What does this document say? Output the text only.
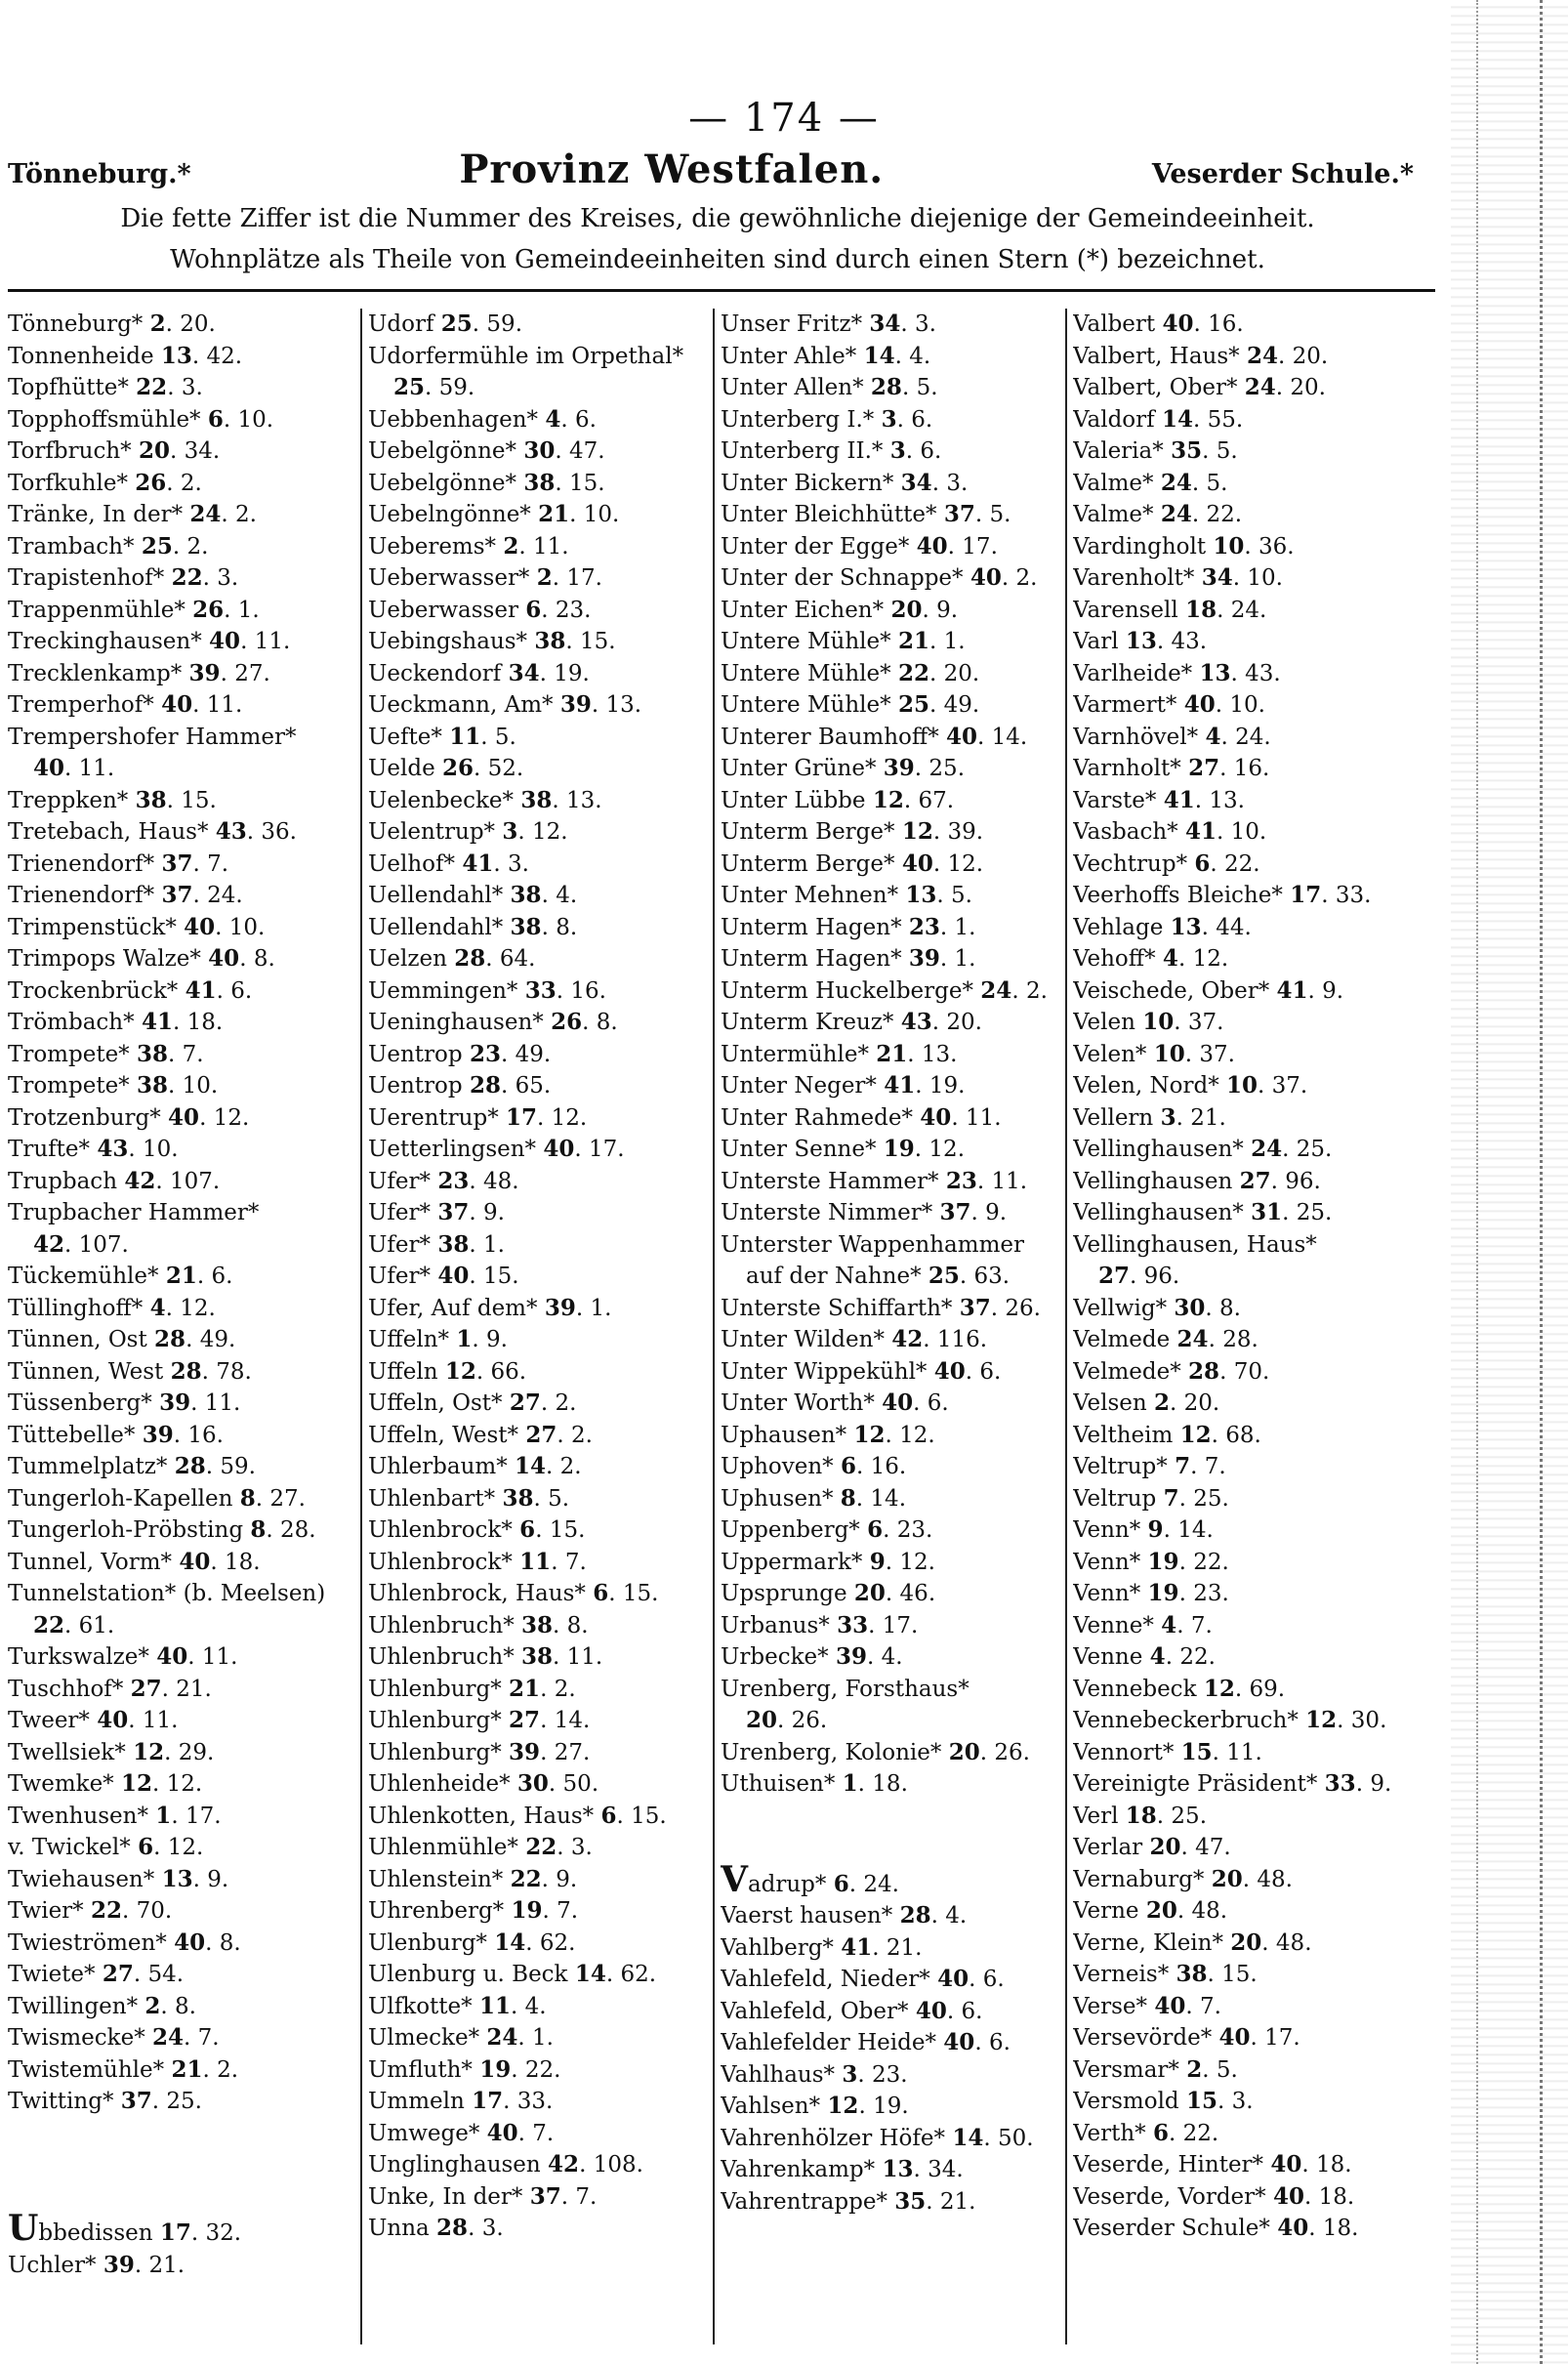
— 174 —
Tönneburg.*	Provinz Westfalen.	Veserder Schule.*
Die fette Ziffer ist die Nummer des Kreises, die gewöhnliche diejenige der Gemeindeeinheit.
Wohnplätze als Theile von Gemeindeeinheiten sind durch einen Stern (*) bezeichnet.
Tönneburg* 2. 20.
Tonnenheide 13. 42.
Topfhütte* 22. 3.
Topphoffsmühle* 6. 10.
Torfbruch* 20. 34.
Torfkuhle* 26. 2.
Tränke, In der* 24. 2.
Trambach* 25. 2.
Trapistenhof* 22. 3.
Trappenmühle* 26. 1.
Treckinghausen* 40. 11.
Trecklenkamp* 39. 27.
Tremperhof* 40. 11.
Trempershofer Hammer*
40. 11.
Treppken* 38. 15.
Tretebach, Haus* 43. 36.
Trienendorf* 37. 7.
Trienendorf* 37. 24.
Trimpenstück* 40. 10.
Trimpops Walze* 40. 8.
Trockenbrück* 41. 6.
Trömbach* 41. 18.
Trompete* 38. 7.
Trompete* 38. 10.
Trotzenburg* 40. 12.
Trufte* 43. 10.
Trupbach 42. 107.
Trupbacher Hammer*
42. 107.
Tückemühle* 21. 6.
Tüllinghoff* 4. 12.
Tünnen, Ost 28. 49.
Tünnen, West 28. 78.
Tüssenberg* 39. 11.
Tüttebelle* 39. 16.
Tummelplatz* 28. 59.
Tungerloh-Kapellen 8. 27.
Tungerloh-Pröbsting 8. 28.
Tunnel, Vorm* 40. 18.
Tunnelstation* (b. Meelsen)
22. 61.
Turkswalze* 40. 11.
Tuschhof* 27. 21.
Tweer* 40. 11.
Twellsiek* 12. 29.
Twemke* 12. 12.
Twenhusen* 1. 17.
v. Twickel* 6. 12.
Twiehausen* 13. 9.
Twier* 22. 70.
Twieströmen* 40. 8.
Twiete* 27. 54.
Twillingen* 2. 8.
Twismecke* 24. 7.
Twistemühle* 21. 2.
Twitting* 37. 25.
Ubbedissen 17. 32.
Uchler* 39. 21.
Udorf 25. 59.
Udorfermühle im Orpethal*
25. 59.
Uebbenhagen* 4. 6.
Uebelgönne* 30. 47.
Uebelgönne* 38. 15.
Uebelngönne* 21. 10.
Ueberems* 2. 11.
Ueberwasser* 2. 17.
Ueberwasser 6. 23.
Uebingshaus* 38. 15.
Ueckendorf 34. 19.
Ueckmann, Am* 39. 13.
Uefte* 11. 5.
Uelde 26. 52.
Uelenbecke* 38. 13.
Uelentrup* 3. 12.
Uelhof* 41. 3.
Uellendahl* 38. 4.
Uellendahl* 38. 8.
Uelzen 28. 64.
Uemmingen* 33. 16.
Ueninghausen* 26. 8.
Uentrop 23. 49.
Uentrop 28. 65.
Uerentrup* 17. 12.
Uetterlingsen* 40. 17.
Ufer* 23. 48.
Ufer* 37. 9.
Ufer* 38. 1.
Ufer* 40. 15.
Ufer, Auf dem* 39. 1.
Uffeln* 1. 9.
Uffeln 12. 66.
Uffeln, Ost* 27. 2.
Uffeln, West* 27. 2.
Uhlerbaum* 14. 2.
Uhlenbart* 38. 5.
Uhlenbrock* 6. 15.
Uhlenbrock* 11. 7.
Uhlenbrock, Haus* 6. 15.
Uhlenbruch* 38. 8.
Uhlenbruch* 38. 11.
Uhlenburg* 21. 2.
Uhlenburg* 27. 14.
Uhlenburg* 39. 27.
Uhlenheide* 30. 50.
Uhlenkotten, Haus* 6. 15.
Uhlenmühle* 22. 3.
Uhlenstein* 22. 9.
Uhrenberg* 19. 7.
Ulenburg* 14. 62.
Ulenburg u. Beck 14. 62.
Ulfkotte* 11. 4.
Ulmecke* 24. 1.
Umfluth* 19. 22.
Ummeln 17. 33.
Umwege* 40. 7.
Unglinghausen 42. 108.
Unke, In der* 37. 7.
Unna 28. 3.
Unser Fritz* 34. 3.
Unter Ahle* 14. 4.
Unter Allen* 28. 5.
Unterberg I.* 3. 6.
Unterberg II.* 3. 6.
Unter Bickern* 34. 3.
Unter Bleichhütte* 37. 5.
Unter der Egge* 40. 17.
Unter der Schnappe* 40. 2.
Unter Eichen* 20. 9.
Untere Mühle* 21. 1.
Untere Mühle* 22. 20.
Untere Mühle* 25. 49.
Unterer Baumhoff* 40. 14.
Unter Grüne* 39. 25.
Unter Lübbe 12. 67.
Unterm Berge* 12. 39.
Unterm Berge* 40. 12.
Unter Mehnen* 13. 5.
Unterm Hagen* 23. 1.
Unterm Hagen* 39. 1.
Unterm Huckelberge* 24. 2.
Unterm Kreuz* 43. 20.
Untermühle* 21. 13.
Unter Neger* 41. 19.
Unter Rahmede* 40. 11.
Unter Senne* 19. 12.
Unterste Hammer* 23. 11.
Unterste Nimmer* 37. 9.
Unterster Wappenhammer
auf der Nahne* 25. 63.
Unterste Schiffarth* 37. 26.
Unter Wilden* 42. 116.
Unter Wippekühl* 40. 6.
Unter Worth* 40. 6.
Uphausen* 12. 12.
Uphoven* 6. 16.
Uphusen* 8. 14.
Uppenberg* 6. 23.
Uppermark* 9. 12.
Upsprunge 20. 46.
Urbanus* 33. 17.
Urbecke* 39. 4.
Urenberg, Forsthaus*
20. 26.
Urenberg, Kolonie* 20. 26.
Uthuisen* 1. 18.
Vadrup* 6. 24.
Vaerst hausen* 28. 4.
Vahlberg* 41. 21.
Vahlefeld, Nieder* 40. 6.
Vahlefeld, Ober* 40. 6.
Vahlefelder Heide* 40. 6.
Vahlhaus* 3. 23.
Vahlsen* 12. 19.
Vahrenhölzer Höfe* 14. 50.
Vahrenkamp* 13. 34.
Vahrentrappe* 35. 21.
Valbert 40. 16.
Valbert, Haus* 24. 20.
Valbert, Ober* 24. 20.
Valdorf 14. 55.
Valeria* 35. 5.
Valme* 24. 5.
Valme* 24. 22.
Vardingholt 10. 36.
Varenholt* 34. 10.
Varensell 18. 24.
Varl 13. 43.
Varlheide* 13. 43.
Varmert* 40. 10.
Varnhövel* 4. 24.
Varnholt* 27. 16.
Varste* 41. 13.
Vasbach* 41. 10.
Vechtrup* 6. 22.
Veerhoffs Bleiche* 17. 33.
Vehlage 13. 44.
Vehoff* 4. 12.
Veischede, Ober* 41. 9.
Velen 10. 37.
Velen* 10. 37.
Velen, Nord* 10. 37.
Vellern 3. 21.
Vellinghausen* 24. 25.
Vellinghausen 27. 96.
Vellinghausen* 31. 25.
Vellinghausen, Haus*
27. 96.
Vellwig* 30. 8.
Velmede 24. 28.
Velmede* 28. 70.
Velsen 2. 20.
Veltheim 12. 68.
Veltrup* 7. 7.
Veltrup 7. 25.
Venn* 9. 14.
Venn* 19. 22.
Venn* 19. 23.
Venne* 4. 7.
Venne 4. 22.
Vennebeck 12. 69.
Vennebeckerbruch* 12. 30.
Vennort* 15. 11.
Vereinigte Präsident* 33. 9.
Verl 18. 25.
Verlar 20. 47.
Vernaburg* 20. 48.
Verne 20. 48.
Verne, Klein* 20. 48.
Verneis* 38. 15.
Verse* 40. 7.
Versevörde* 40. 17.
Versmar* 2. 5.
Versmold 15. 3.
Verth* 6. 22.
Veserde, Hinter* 40. 18.
Veserde, Vorder* 40. 18.
Veserder Schule* 40. 18.
